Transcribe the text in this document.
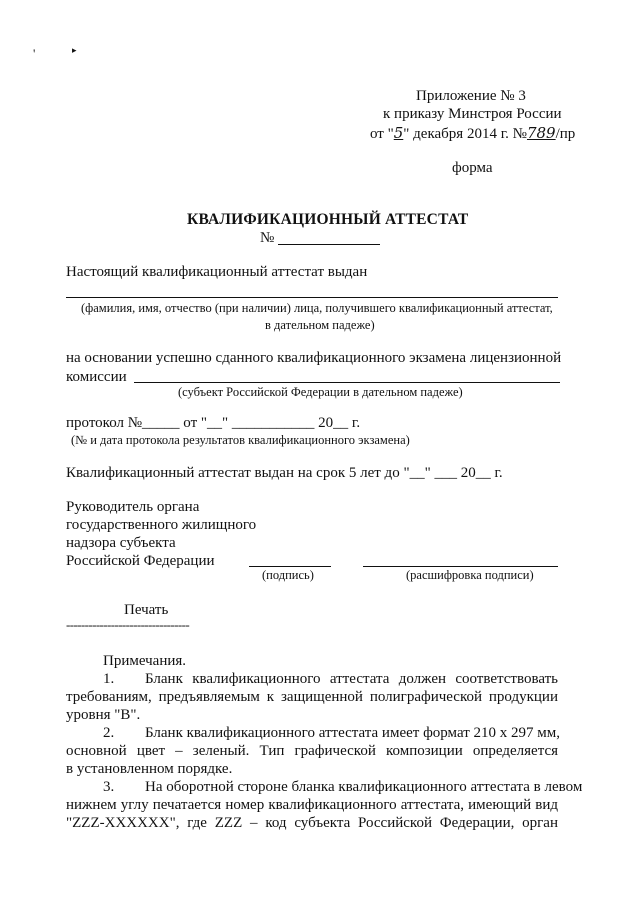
'	▸
Приложение № 3
к приказу Минстроя России
от "5" декабря 2014 г. №789/пр
форма
КВАЛИФИКАЦИОННЫЙ АТТЕСТАТ
№
Настоящий квалификационный аттестат выдан
(фамилия, имя, отчество (при наличии) лица, получившего квалификационный аттестат,
в дательном падеже)
на основании успешно сданного квалификационного экзамена лицензионной
комиссии
(субъект Российской Федерации в дательном падеже)
протокол №_____ от "__" ___________ 20__ г.
(№ и дата протокола результатов квалификационного экзамена)
Квалификационный аттестат выдан на срок 5 лет до "__" ___ 20__ г.
Руководитель органа
государственного жилищного
надзора субъекта
Российской Федерации
(подпись)	(расшифровка подписи)
Печать
---------------------------------
Примечания.
1. Бланк квалификационного аттестата должен соответствовать
требованиям, предъявляемым к защищенной полиграфической продукции
уровня "В".
2. Бланк квалификационного аттестата имеет формат 210 х 297 мм,
основной цвет – зеленый. Тип графической композиции определяется
в установленном порядке.
3. На оборотной стороне бланка квалификационного аттестата в левом
нижнем углу печатается номер квалификационного аттестата, имеющий вид
"ZZZ-XXXXXX", где ZZZ – код субъекта Российской Федерации, орган
